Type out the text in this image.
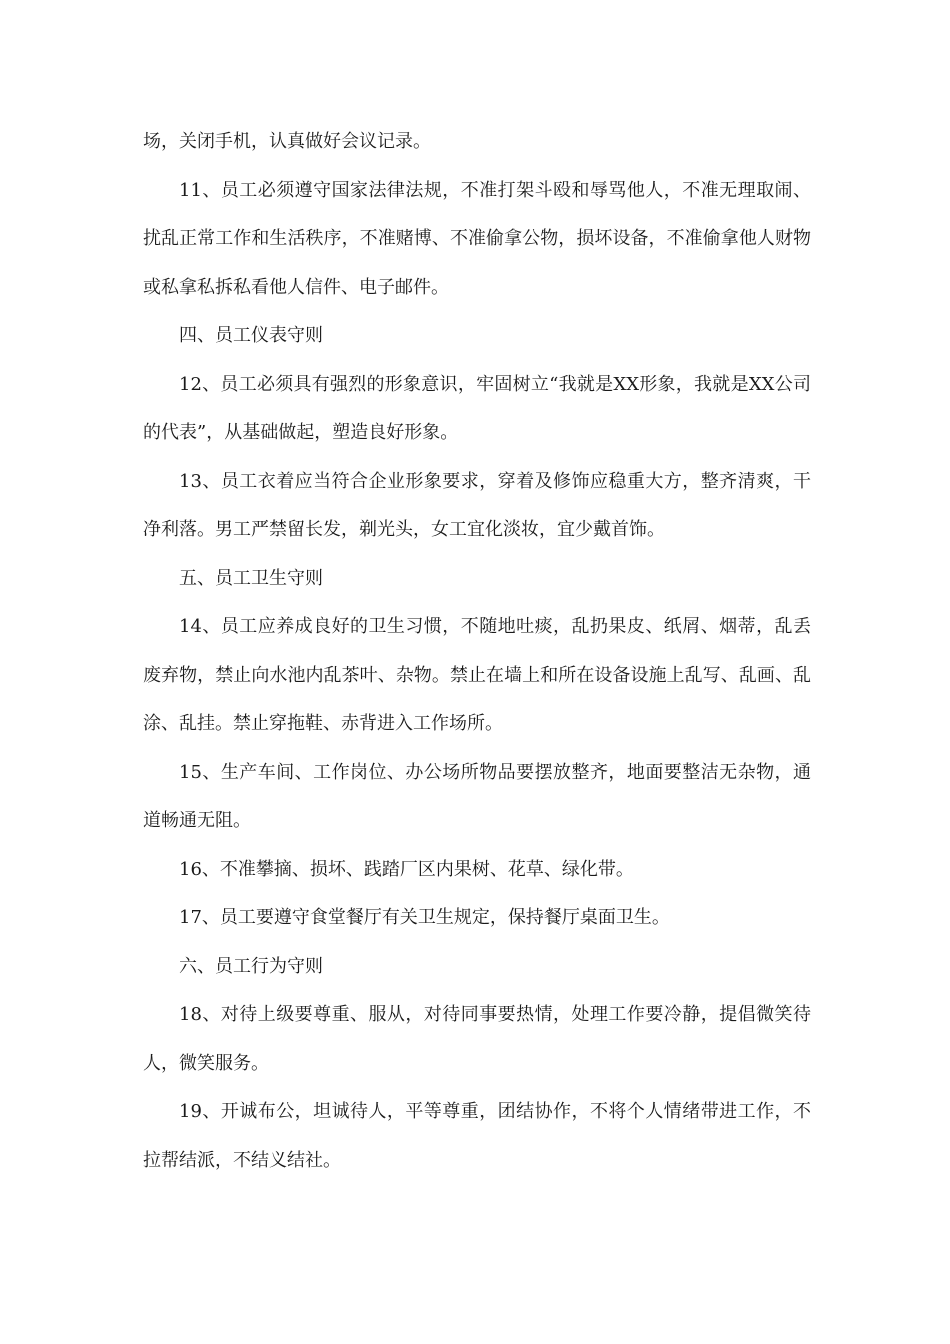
场，关闭手机，认真做好会议记录。

11、员工必须遵守国家法律法规，不准打架斗殴和辱骂他人，不准无理取闹、扰乱正常工作和生活秩序，不准赌博、不准偷拿公物，损坏设备，不准偷拿他人财物或私拿私拆私看他人信件、电子邮件。

四、员工仪表守则

12、员工必须具有强烈的形象意识，牢固树立“我就是XX形象，我就是XX公司的代表”，从基础做起，塑造良好形象。

13、员工衣着应当符合企业形象要求，穿着及修饰应稳重大方，整齐清爽，干净利落。男工严禁留长发，剃光头，女工宜化淡妆，宜少戴首饰。

五、员工卫生守则

14、员工应养成良好的卫生习惯，不随地吐痰，乱扔果皮、纸屑、烟蒂，乱丢废弃物，禁止向水池内乱茶叶、杂物。禁止在墙上和所在设备设施上乱写、乱画、乱涂、乱挂。禁止穿拖鞋、赤背进入工作场所。

15、生产车间、工作岗位、办公场所物品要摆放整齐，地面要整洁无杂物，通道畅通无阻。

16、不准攀摘、损坏、践踏厂区内果树、花草、绿化带。

17、员工要遵守食堂餐厅有关卫生规定，保持餐厅桌面卫生。

六、员工行为守则

18、对待上级要尊重、服从，对待同事要热情，处理工作要冷静，提倡微笑待人，微笑服务。

19、开诚布公，坦诚待人，平等尊重，团结协作，不将个人情绪带进工作，不拉帮结派，不结义结社。
